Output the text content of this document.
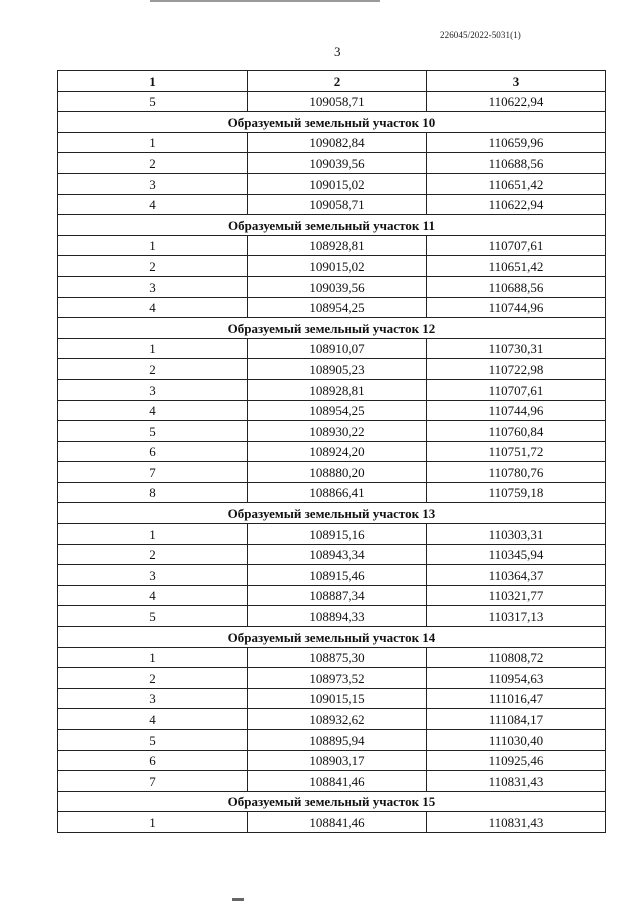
226045/2022-5031(1)
3
1	2	3
5	109058,71	110622,94
Образуемый земельный участок 10		
1	109082,84	110659,96
2	109039,56	110688,56
3	109015,02	110651,42
4	109058,71	110622,94
Образуемый земельный участок 11		
1	108928,81	110707,61
2	109015,02	110651,42
3	109039,56	110688,56
4	108954,25	110744,96
Образуемый земельный участок 12		
1	108910,07	110730,31
2	108905,23	110722,98
3	108928,81	110707,61
4	108954,25	110744,96
5	108930,22	110760,84
6	108924,20	110751,72
7	108880,20	110780,76
8	108866,41	110759,18
Образуемый земельный участок 13		
1	108915,16	110303,31
2	108943,34	110345,94
3	108915,46	110364,37
4	108887,34	110321,77
5	108894,33	110317,13
Образуемый земельный участок 14		
1	108875,30	110808,72
2	108973,52	110954,63
3	109015,15	111016,47
4	108932,62	111084,17
5	108895,94	111030,40
6	108903,17	110925,46
7	108841,46	110831,43
Образуемый земельный участок 15		
1	108841,46	110831,43
